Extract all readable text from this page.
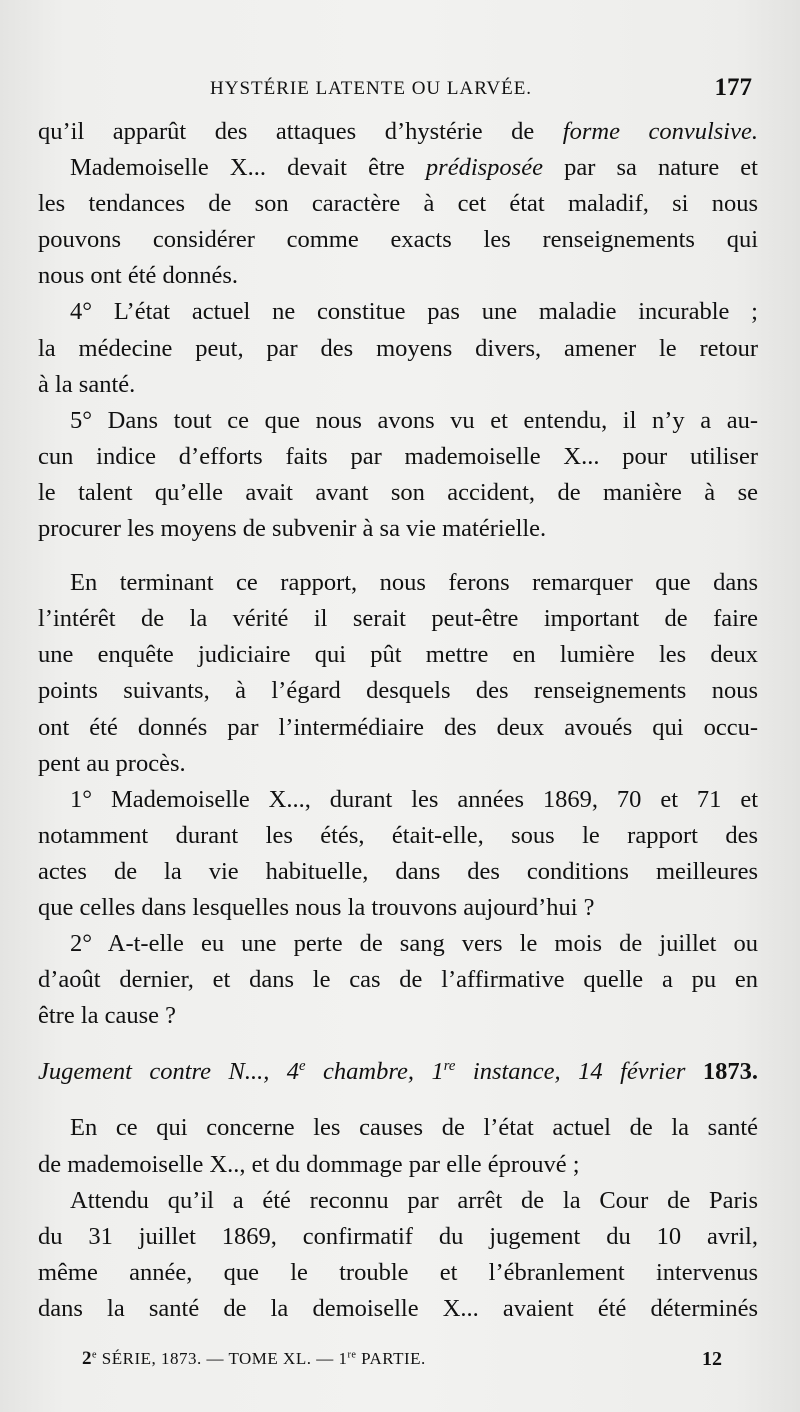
HYSTÉRIE LATENTE OU LARVÉE.	177
qu’il apparût des attaques d’hystérie de forme convulsive.
Mademoiselle X... devait être prédisposée par sa nature et
les tendances de son caractère à cet état maladif, si nous
pouvons considérer comme exacts les renseignements qui
nous ont été donnés.
4° L’état actuel ne constitue pas une maladie incurable ;
la médecine peut, par des moyens divers, amener le retour
à la santé.
5° Dans tout ce que nous avons vu et entendu, il n’y a au-
cun indice d’efforts faits par mademoiselle X... pour utiliser
le talent qu’elle avait avant son accident, de manière à se
procurer les moyens de subvenir à sa vie matérielle.
En terminant ce rapport, nous ferons remarquer que dans
l’intérêt de la vérité il serait peut-être important de faire
une enquête judiciaire qui pût mettre en lumière les deux
points suivants, à l’égard desquels des renseignements nous
ont été donnés par l’intermédiaire des deux avoués qui occu-
pent au procès.
1° Mademoiselle X..., durant les années 1869, 70 et 71 et
notamment durant les étés, était-elle, sous le rapport des
actes de la vie habituelle, dans des conditions meilleures
que celles dans lesquelles nous la trouvons aujourd’hui ?
2° A-t-elle eu une perte de sang vers le mois de juillet ou
d’août dernier, et dans le cas de l’affirmative quelle a pu en
être la cause ?
Jugement contre N..., 4e chambre, 1re instance, 14 février 1873.
En ce qui concerne les causes de l’état actuel de la santé
de mademoiselle X.., et du dommage par elle éprouvé ;
Attendu qu’il a été reconnu par arrêt de la Cour de Paris
du 31 juillet 1869, confirmatif du jugement du 10 avril,
même année, que le trouble et l’ébranlement intervenus
dans la santé de la demoiselle X... avaient été déterminés
2e SÉRIE, 1873. — TOME XL. — 1re PARTIE.	12
